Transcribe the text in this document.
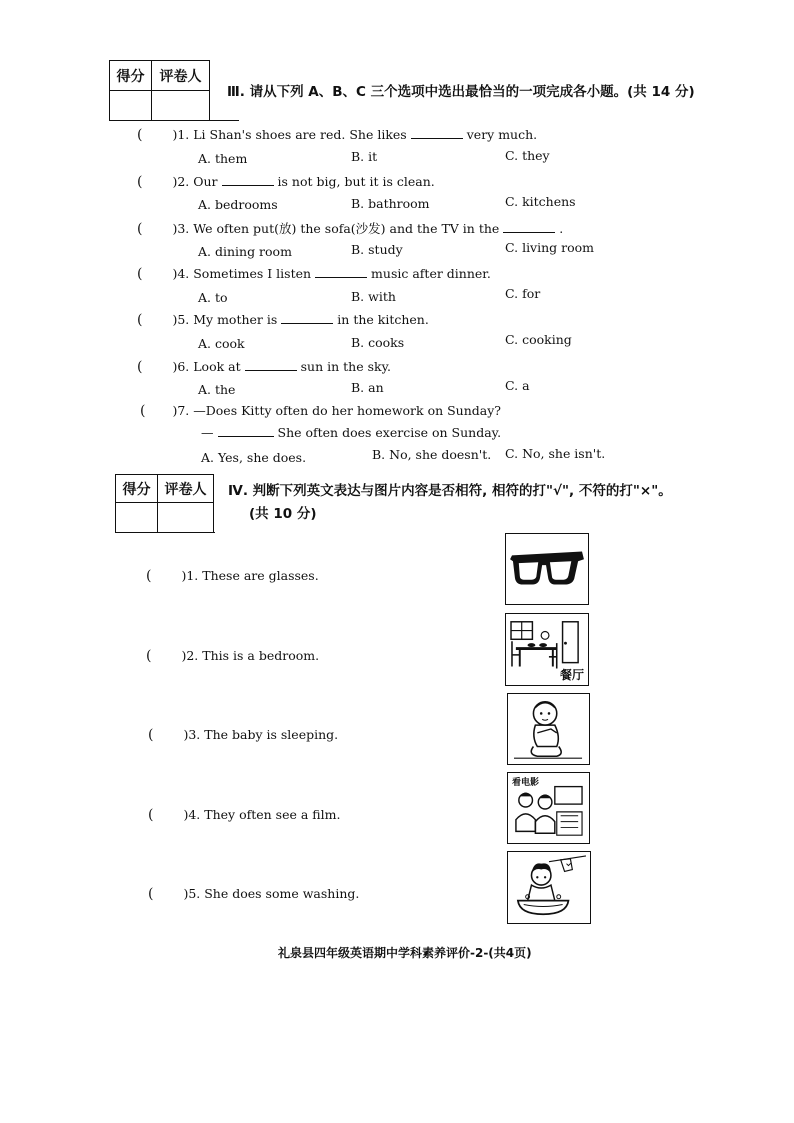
得分	评卷人

Ⅲ. 请从下列 A、B、C 三个选项中选出最恰当的一项完成各小题。(共 14 分)
( )1. Li Shan's shoes are red. She likes	very much.
A. them	B. it	C. they
( )2. Our	is not big, but it is clean.
A. bedrooms	B. bathroom	C. kitchens
( )3. We often put(放) the sofa(沙发) and the TV in the	.
A. dining room	B. study	C. living room
( )4. Sometimes I listen	music after dinner.
A. to	B. with	C. for
( )5. My mother is	in the kitchen.
A. cook	B. cooks	C. cooking
( )6. Look at	sun in the sky.
A. the	B. an	C. a
( )7. —Does Kitty often do her homework on Sunday?
—	She often does exercise on Sunday.
A. Yes, she does.	B. No, she doesn't. C. No, she isn't.
得分	评卷人
	Ⅳ. 判断下列英文表达与图片内容是否相符, 相符的打"√", 不符的打"×"。
(共 10 分)
( )1. These are glasses.
( )2. This is a bedroom.
餐厅
( )3. The baby is sleeping.
( )4. They often see a film.
看电影
( )5. She does some washing.
礼泉县四年级英语期中学科素养评价-2-(共4页)
